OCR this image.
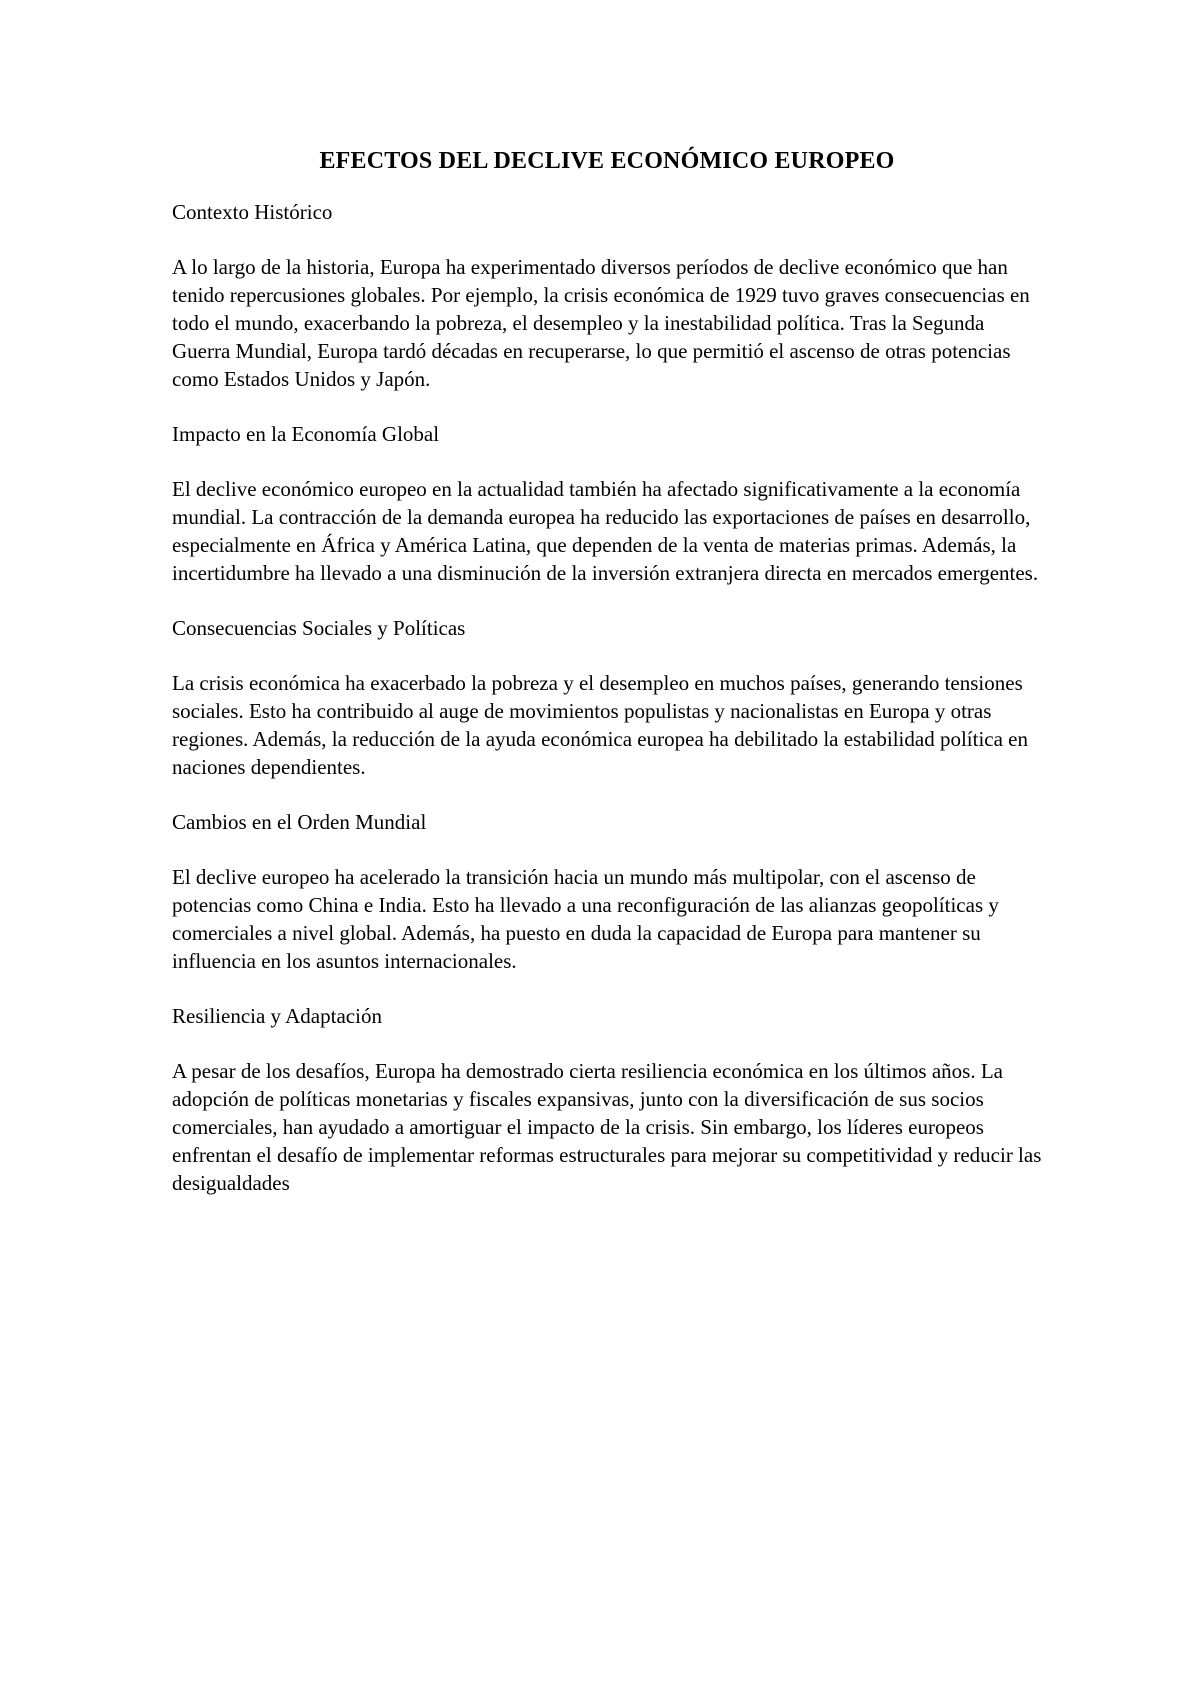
EFECTOS DEL DECLIVE ECONÓMICO EUROPEO
Contexto Histórico

A lo largo de la historia, Europa ha experimentado diversos períodos de declive económico que han tenido repercusiones globales. Por ejemplo, la crisis económica de 1929 tuvo graves consecuencias en todo el mundo, exacerbando la pobreza, el desempleo y la inestabilidad política. Tras la Segunda Guerra Mundial, Europa tardó décadas en recuperarse, lo que permitió el ascenso de otras potencias como Estados Unidos y Japón.

Impacto en la Economía Global

El declive económico europeo en la actualidad también ha afectado significativamente a la economía mundial. La contracción de la demanda europea ha reducido las exportaciones de países en desarrollo, especialmente en África y América Latina, que dependen de la venta de materias primas. Además, la incertidumbre ha llevado a una disminución de la inversión extranjera directa en mercados emergentes.

Consecuencias Sociales y Políticas

La crisis económica ha exacerbado la pobreza y el desempleo en muchos países, generando tensiones sociales. Esto ha contribuido al auge de movimientos populistas y nacionalistas en Europa y otras regiones. Además, la reducción de la ayuda económica europea ha debilitado la estabilidad política en naciones dependientes.

Cambios en el Orden Mundial

El declive europeo ha acelerado la transición hacia un mundo más multipolar, con el ascenso de potencias como China e India. Esto ha llevado a una reconfiguración de las alianzas geopolíticas y comerciales a nivel global. Además, ha puesto en duda la capacidad de Europa para mantener su influencia en los asuntos internacionales.

Resiliencia y Adaptación

A pesar de los desafíos, Europa ha demostrado cierta resiliencia económica en los últimos años. La adopción de políticas monetarias y fiscales expansivas, junto con la diversificación de sus socios comerciales, han ayudado a amortiguar el impacto de la crisis. Sin embargo, los líderes europeos enfrentan el desafío de implementar reformas estructurales para mejorar su competitividad y reducir las desigualdades
